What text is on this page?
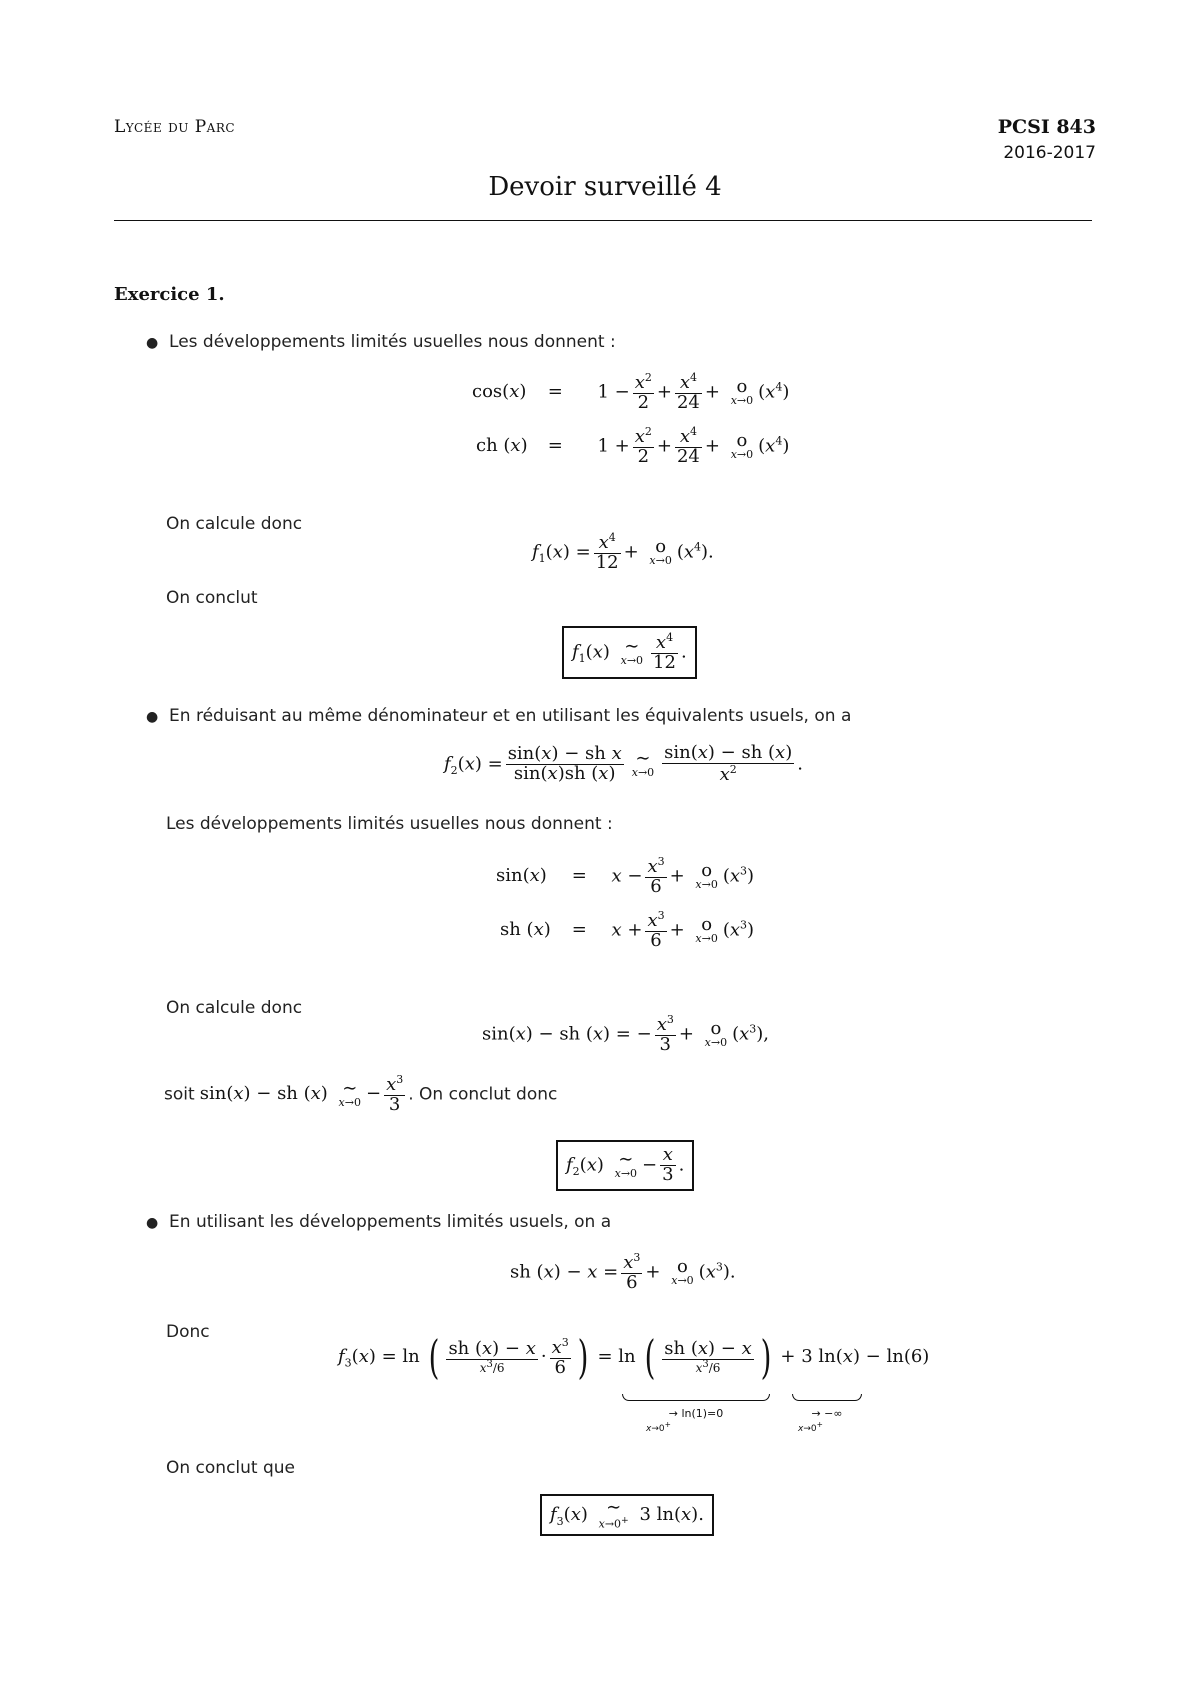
Lycée du Parc	PCSI 843
2016-2017
Devoir surveillé 4
Exercice 1.
● Les développements limités usuelles nous donnent :
$\cos(x) = 1 - \frac{x^2}{2} + \frac{x^4}{24} + o$
x→0 $(x^4)$
ch $(x) = 1 + \frac{x^2}{2} + \frac{x^4}{24} + o$
x→0 $(x^4)$
On calcule donc
$f_1(x) = \frac{x^4}{12} + o$
x→0 $(x^4)$.
On conclut
$f_1(x)$ ∼
$x\to 0 \frac{x^4}{12}$ .
● En réduisant au même dénominateur et en utilisant les équivalents usuels, on a
$f_2(x) = \frac{\text{sin(x) − sh x}}{\sin(x)sh (x)}$ ∼
$x\to 0 \frac{\sin(x) - sh (x)}{x^2}$ .
Les développements limités usuelles nous donnent :
$\sin(x) = x - \frac{x^3}{6} + o$
x→0 $(x^3)$
sh $(x) = x + \frac{x^3}{6} + o$
x→0 $(x^3)$
On calcule donc
sin(x) − sh (x) = − $\frac{x^3}{3} + o$
x→0 $(x^3)$,
soit sin(x) − sh (x) ∼
$x\to 0 - \frac{x^3}{3}$ . On conclut donc
$f_2(x)$ ∼
$x\to 0 - \frac{x}{3}$ .
● En utilisant les développements limités usuels, on a
sh $(x) - x = \frac{x^3}{6} + o$
x→0 $(x^3)$.
Donc
$f_3(x) = \ln$ ( $\frac{sh (x) - x}{x^3/6} \cdot \frac{x^3}{6}$ ) = ln ( $\frac{sh (x) - x}{x^3/6}$ ) + 3 ln(x) − ln(6)
→ ln(1)=0
x→0+
→ −∞
x→0+
On conclut que
$f_3(x)$ ∼
x→0+ 3 ln(x).
